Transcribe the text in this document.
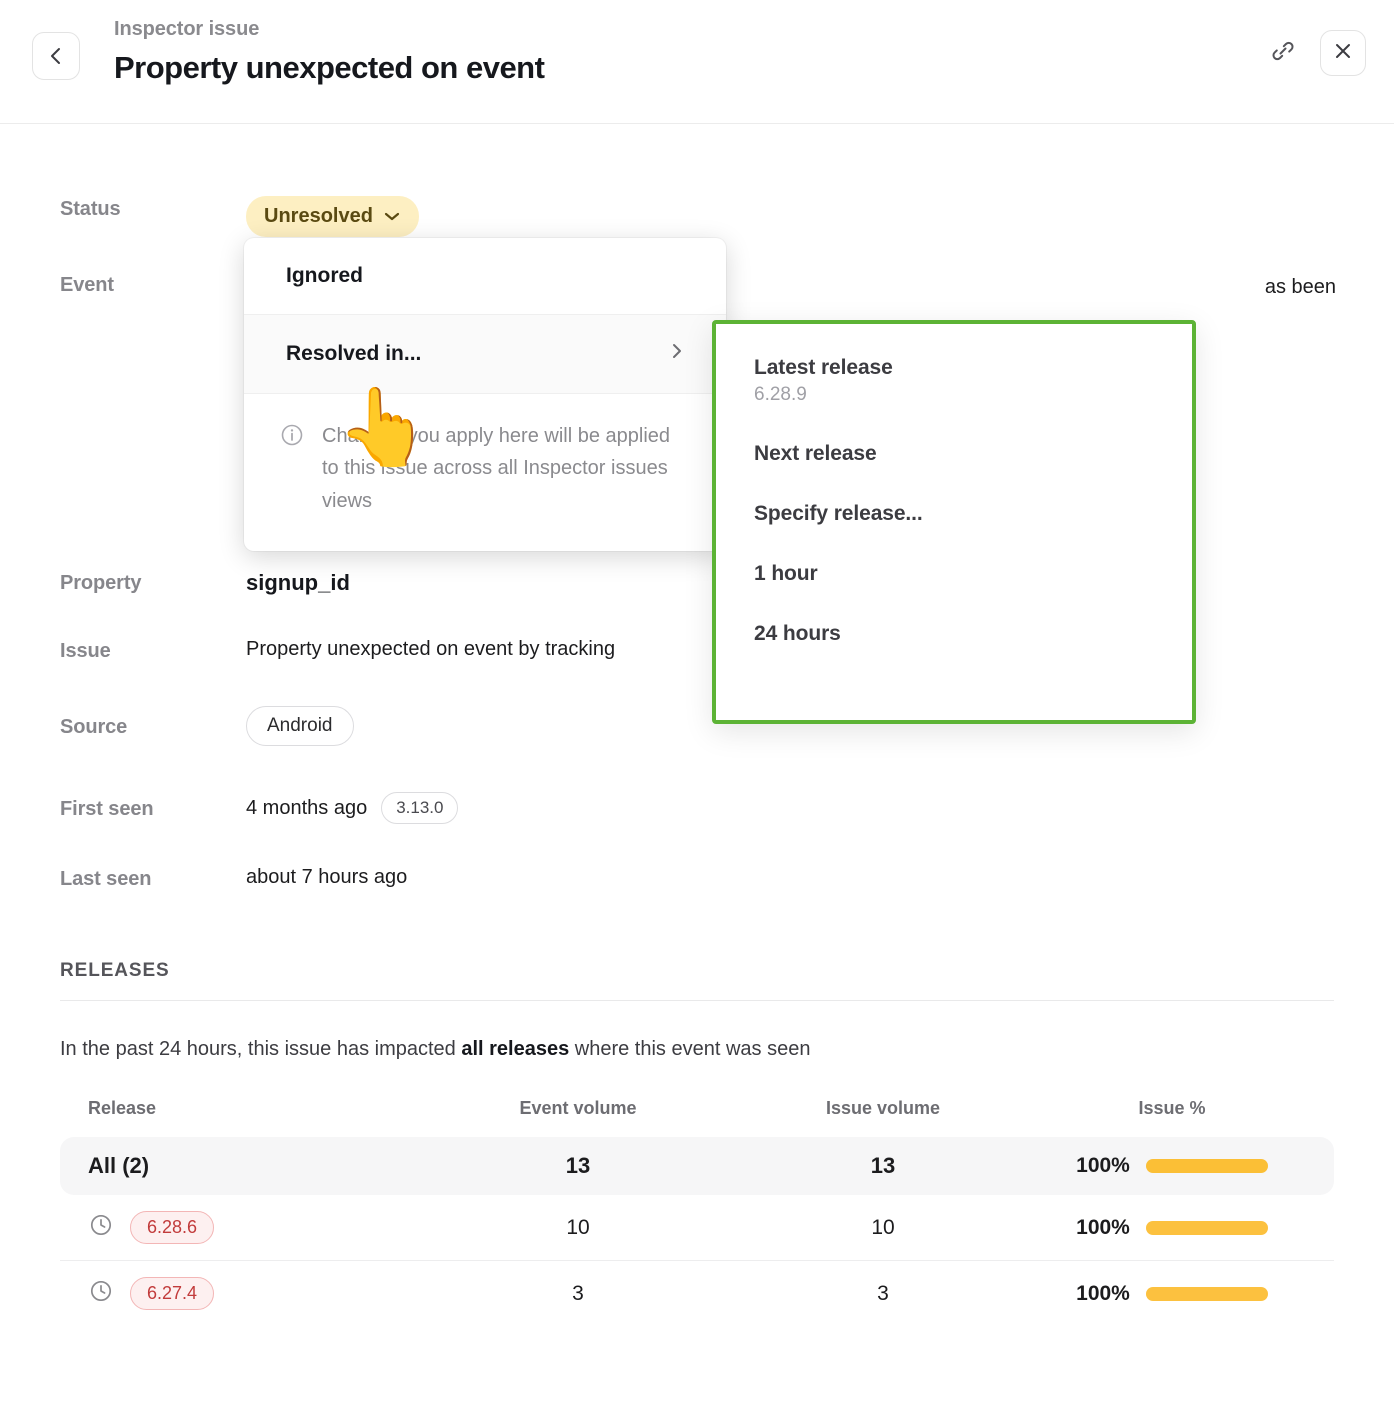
Inspector issue
Property unexpected on event
Status	Unresolved
Event	as been
Property	signup_id
Issue	Property unexpected on event by tracking
Source	Android
First seen	4 months ago	3.13.0
Last seen	about 7 hours ago
Ignored
Resolved in...
Changes you apply here will be applied to this issue across all Inspector issues views
Latest release
6.28.9
Next release
Specify release...
1 hour
24 hours
👆
RELEASES
In the past 24 hours, this issue has impacted all releases where this event was seen
Release	Event volume	Issue volume	Issue %
All (2)	13	13	100%
6.28.6	10	10	100%
6.27.4	3	3	100%
